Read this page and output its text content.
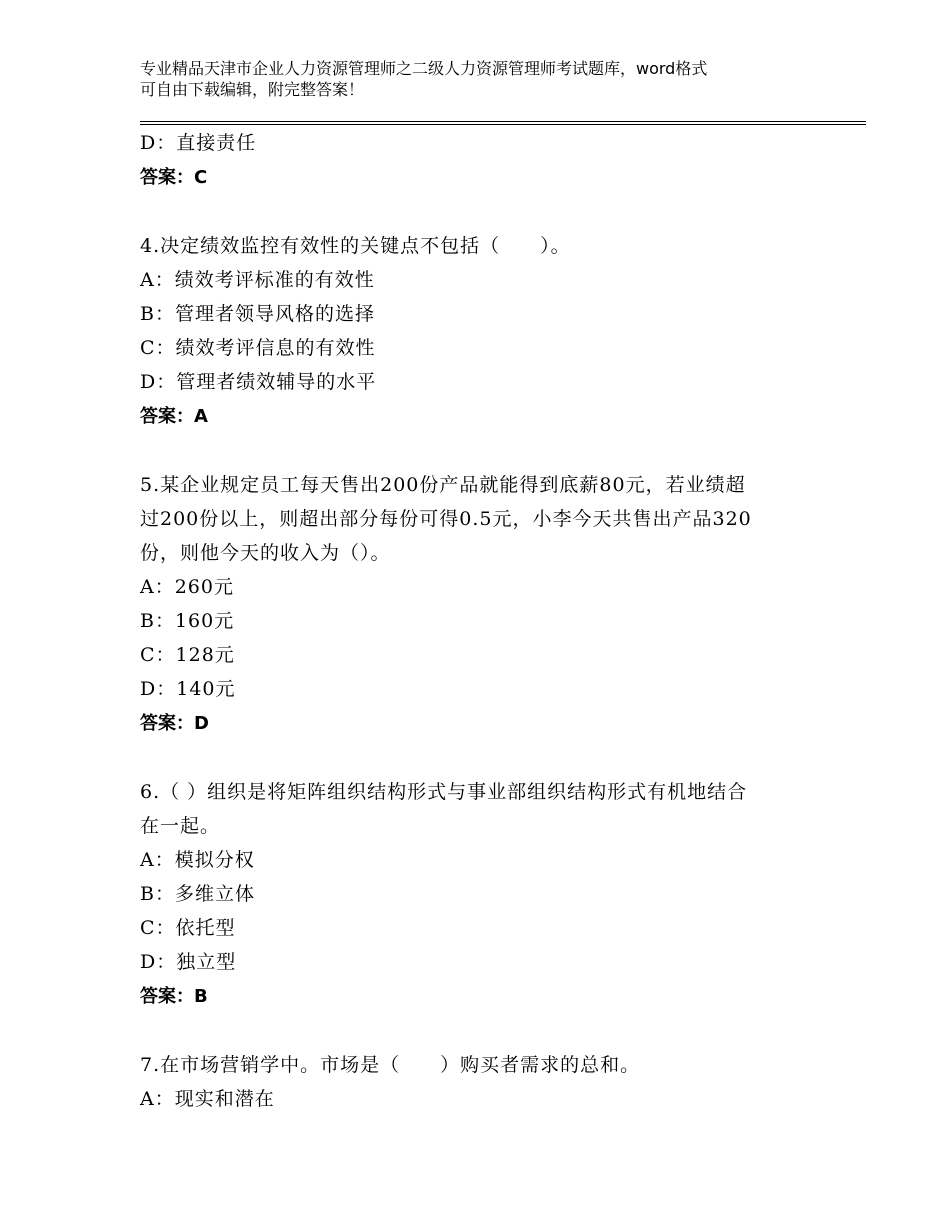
专业精品天津市企业人力资源管理师之二级人力资源管理师考试题库，word格式
可自由下载编辑，附完整答案！
D：直接责任
答案：C
4.决定绩效监控有效性的关键点不包括（　　）。
A：绩效考评标准的有效性
B：管理者领导风格的选择
C：绩效考评信息的有效性
D：管理者绩效辅导的水平
答案：A
5.某企业规定员工每天售出200份产品就能得到底薪80元，若业绩超
过200份以上，则超出部分每份可得0.5元，小李今天共售出产品320
份，则他今天的收入为（）。
A：260元
B：160元
C：128元
D：140元
答案：D
6.（ ）组织是将矩阵组织结构形式与事业部组织结构形式有机地结合
在一起。
A：模拟分权
B：多维立体
C：依托型
D：独立型
答案：B
7.在市场营销学中。市场是（　　）购买者需求的总和。
A：现实和潜在
